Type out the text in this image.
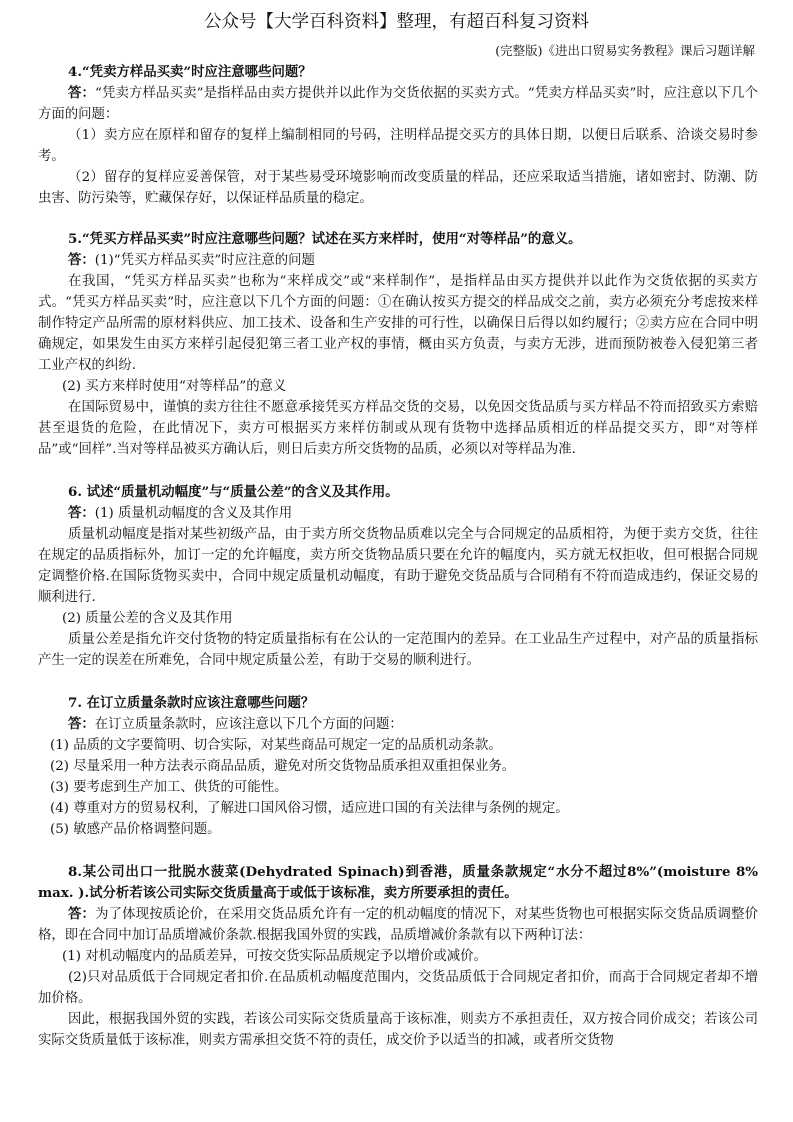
公众号【大学百科资料】整理，有超百科复习资料
(完整版)《进出口贸易实务教程》课后习题详解

4.“凭卖方样品买卖”时应注意哪些问题？

答：“凭卖方样品买卖”是指样品由卖方提供并以此作为交货依据的买卖方式。“凭卖方样品买卖”时，应注意以下几个方面的问题：

（1）卖方应在原样和留存的复样上编制相同的号码，注明样品提交买方的具体日期，以便日后联系、洽谈交易时参考。

（2）留存的复样应妥善保管，对于某些易受环境影响而改变质量的样品，还应采取适当措施，诸如密封、防潮、防虫害、防污染等，贮藏保存好，以保证样品质量的稳定。

5.“凭买方样品买卖”时应注意哪些问题？试述在买方来样时，使用“对等样品”的意义。

答：(1)“凭买方样品买卖”时应注意的问题

在我国，“凭买方样品买卖”也称为“来样成交”或“来样制作”，是指样品由买方提供并以此作为交货依据的买卖方式。“凭买方样品买卖”时，应注意以下几个方面的问题：①在确认按买方提交的样品成交之前，卖方必须充分考虑按来样制作特定产品所需的原材料供应、加工技术、设备和生产安排的可行性，以确保日后得以如约履行；②卖方应在合同中明确规定，如果发生由买方来样引起侵犯第三者工业产权的事情，概由买方负责，与卖方无涉，进而预防被卷入侵犯第三者工业产权的纠纷.

(2) 买方来样时使用“对等样品”的意义

在国际贸易中，谨慎的卖方往往不愿意承接凭买方样品交货的交易，以免因交货品质与买方样品不符而招致买方索赔甚至退货的危险，在此情况下，卖方可根据买方来样仿制或从现有货物中选择品质相近的样品提交买方，即“对等样品”或“回样”.当对等样品被买方确认后，则日后卖方所交货物的品质，必须以对等样品为准.

6. 试述“质量机动幅度”与“质量公差”的含义及其作用。

答：(1) 质量机动幅度的含义及其作用

质量机动幅度是指对某些初级产品，由于卖方所交货物品质难以完全与合同规定的品质相符，为便于卖方交货，往往在规定的品质指标外，加订一定的允许幅度，卖方所交货物品质只要在允许的幅度内，买方就无权拒收，但可根据合同规定调整价格.在国际货物买卖中，合同中规定质量机动幅度，有助于避免交货品质与合同稍有不符而造成违约，保证交易的顺利进行.

(2) 质量公差的含义及其作用

质量公差是指允许交付货物的特定质量指标有在公认的一定范围内的差异。在工业品生产过程中，对产品的质量指标产生一定的误差在所难免，合同中规定质量公差，有助于交易的顺利进行。

7. 在订立质量条款时应该注意哪些问题？

答：在订立质量条款时，应该注意以下几个方面的问题：

(1) 品质的文字要简明、切合实际，对某些商品可规定一定的品质机动条款。

(2) 尽量采用一种方法表示商品品质，避免对所交货物品质承担双重担保业务。

(3) 要考虑到生产加工、供货的可能性。

(4) 尊重对方的贸易权利，了解进口国风俗习惯，适应进口国的有关法律与条例的规定。

(5) 敏感产品价格调整问题。

8.某公司出口一批脱水菠菜(Dehydrated Spinach)到香港，质量条款规定“水分不超过8%”(moisture 8% max. ).试分析若该公司实际交货质量高于或低于该标准，卖方所要承担的责任。

答：为了体现按质论价，在采用交货品质允许有一定的机动幅度的情况下，对某些货物也可根据实际交货品质调整价格，即在合同中加订品质增减价条款.根据我国外贸的实践，品质增减价条款有以下两种订法：

(1) 对机动幅度内的品质差异，可按交货实际品质规定予以增价或减价。

(2)只对品质低于合同规定者扣价.在品质机动幅度范围内，交货品质低于合同规定者扣价，而高于合同规定者却不增加价格。

因此，根据我国外贸的实践，若该公司实际交货质量高于该标准，则卖方不承担责任，双方按合同价成交；若该公司实际交货质量低于该标准，则卖方需承担交货不符的责任，成交价予以适当的扣减，或者所交货物
